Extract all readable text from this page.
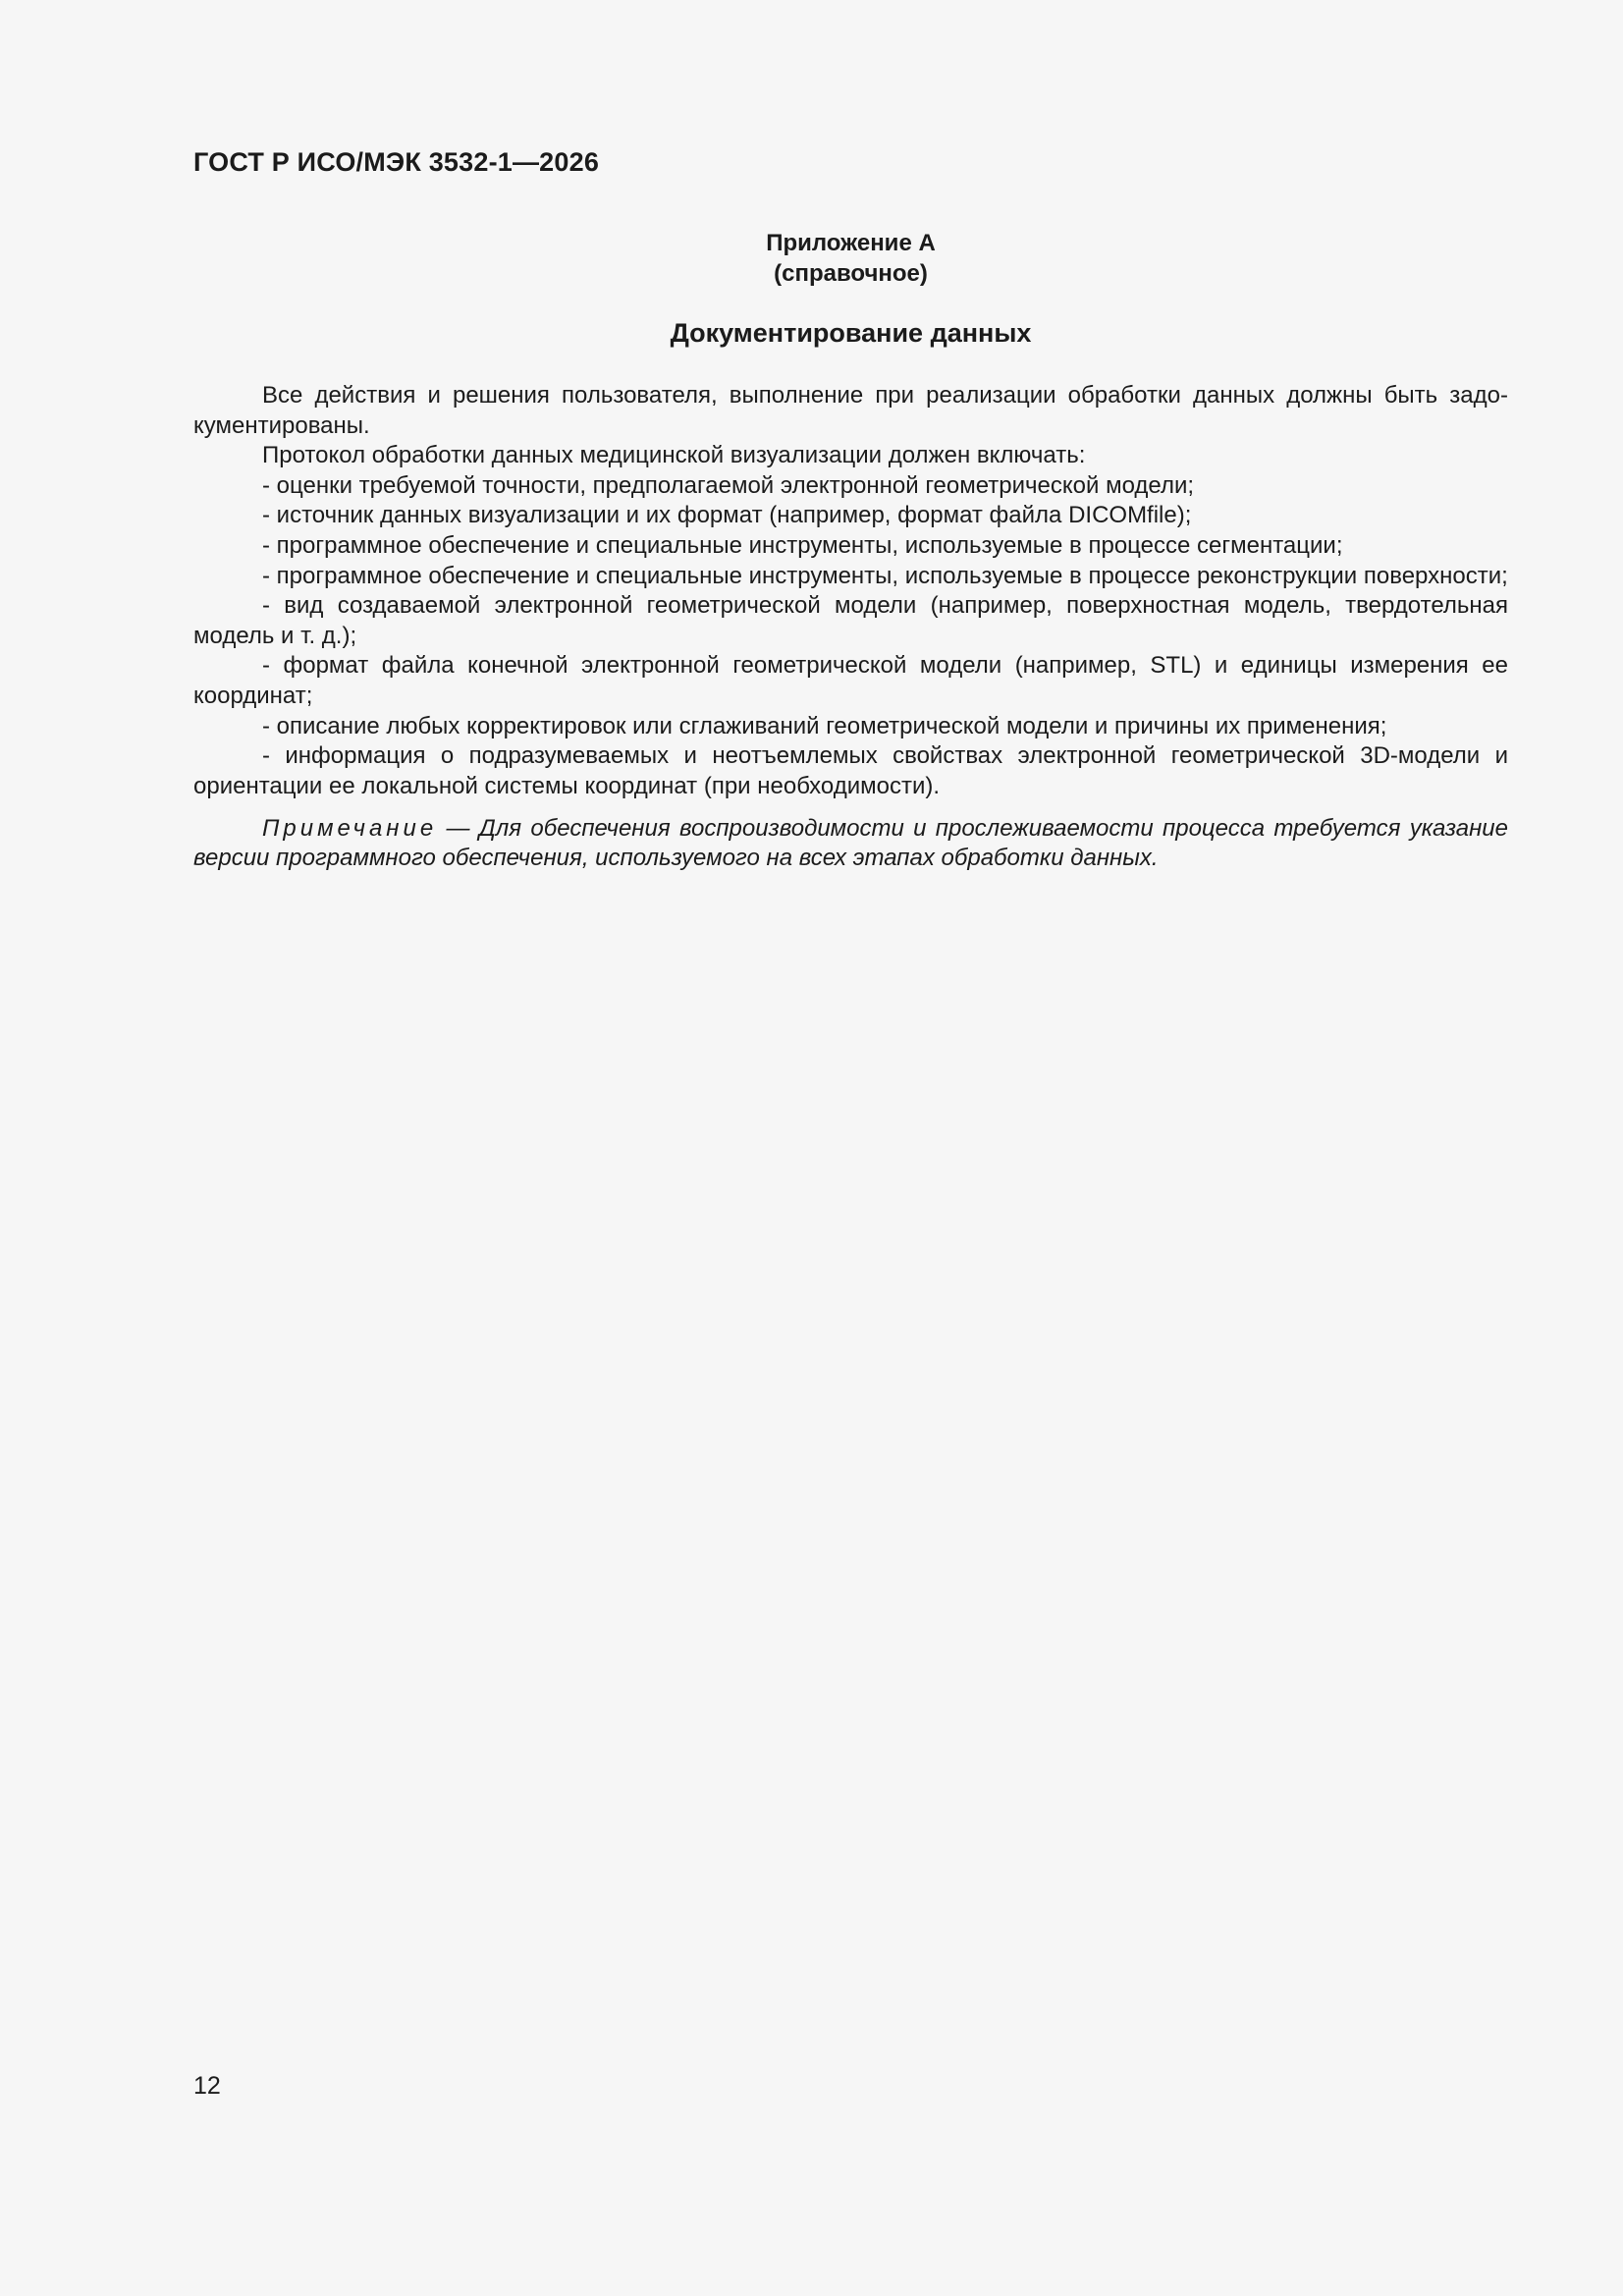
ГОСТ Р ИСО/МЭК 3532-1—2026
Приложение А
(справочное)
Документирование данных

Все действия и решения пользователя, выполнение при реализации обработки данных должны быть задокументированы.

Протокол обработки данных медицинской визуализации должен включать:

- оценки требуемой точности, предполагаемой электронной геометрической модели;

- источник данных визуализации и их формат (например, формат файла DICOMfile);

- программное обеспечение и специальные инструменты, используемые в процессе сегментации;

- программное обеспечение и специальные инструменты, используемые в процессе реконструкции поверхности;

- вид создаваемой электронной геометрической модели (например, поверхностная модель, твердотельная модель и т. д.);

- формат файла конечной электронной геометрической модели (например, STL) и единицы измерения ее координат;

- описание любых корректировок или сглаживаний геометрической модели и причины их применения;

- информация о подразумеваемых и неотъемлемых свойствах электронной геометрической 3D-модели и ориентации ее локальной системы координат (при необходимости).

Примечание — Для обеспечения воспроизводимости и прослеживаемости процесса требуется указание версии программного обеспечения, используемого на всех этапах обработки данных.

12
